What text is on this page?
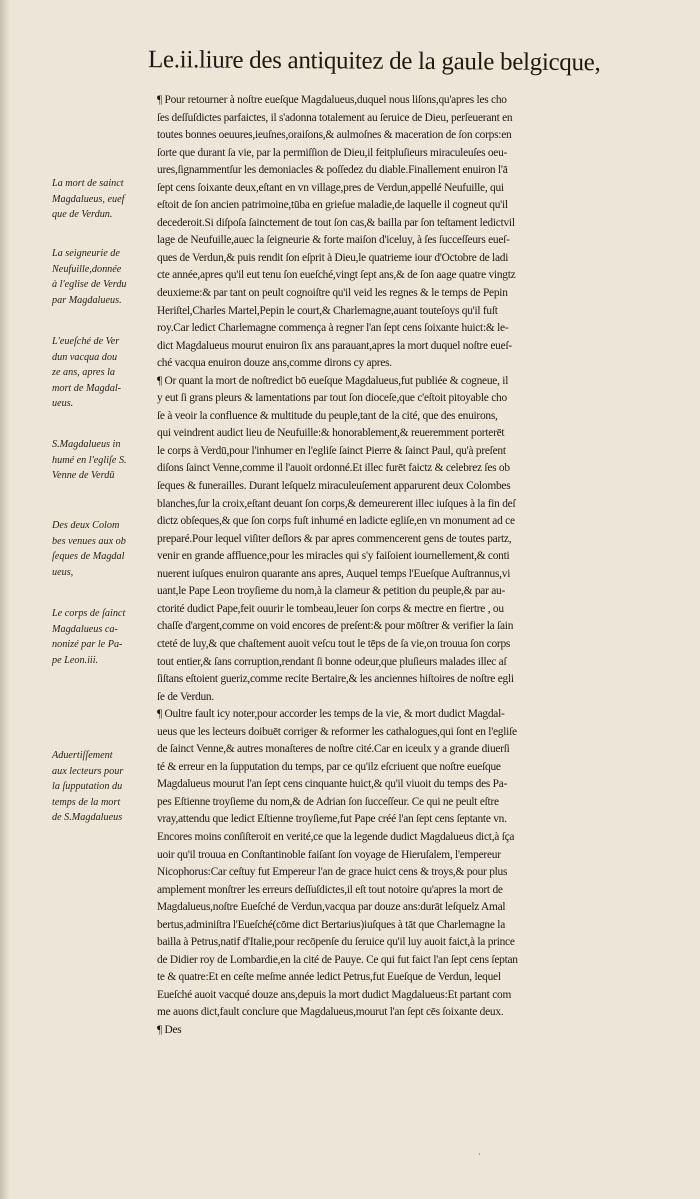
Le.ii.liure des antiquitez de la gaule belgicque,
La mort de sainct
Magdalueus, euef
que de Verdun.
La seigneurie de
Neufuille,donnée
à l'eglise de Verdu
par Magdalueus.
L'eueſché de Ver
dun vacqua dou
ze ans, apres la
mort de Magdal-
ueus.
S.Magdalueus in
humé en l'egliſe S.
Venne de Verdū
Des deux Colom
bes venues aux ob
ſeques de Magdal
ueus,
Le corps de ſainct
Magdalueus ca-
nonizé par le Pa-
pe Leon.iii.
Aduertiſſement
aux lecteurs pour
la ſupputation du
temps de la mort
de S.Magdalueus
¶ Pour retourner à noſtre eueſque Magdalueus,duquel nous liſons,qu'apres les cho
ſes deſſuſdictes parfaictes, il s'adonna totalement au ſeruice de Dieu, perſeuerant en
toutes bonnes oeuures,ieuſnes,oraiſons,& aulmoſnes & maceration de ſon corps:en
ſorte que durant ſa vie, par la permiſſion de Dieu,il feitpluſieurs miraculeuſes oeu-
ures,ſignammentſur les demoniacles & poſſedez du diable.Finallement enuiron l'ā
ſept cens ſoixante deux,eſtant en vn village,pres de Verdun,appellé Neufuille, qui
eſtoit de ſon ancien patrimoine,tūba en grieſue maladie,de laquelle il cogneut qu'il
decederoit.Si diſpoſa ſainctement de tout ſon cas,& bailla par ſon teſtament ledictvil
lage de Neufuille,auec la ſeigneurie & forte maiſon d'iceluy, à ſes ſucceſſeurs eueſ-
ques de Verdun,& puis rendit ſon eſprit à Dieu,le quatrieme iour d'Octobre de ladi
cte année,apres qu'il eut tenu ſon eueſché,vingt ſept ans,& de ſon aage quatre vingtz
deuxieme:& par tant on peult cognoiſtre qu'il veid les regnes & le temps de Pepin
Heriſtel,Charles Martel,Pepin le court,& Charlemagne,auant touteſoys qu'il fuſt
roy.Car ledict Charlemagne commença à regner l'an ſept cens ſoixante huict:& le-
dict Magdalueus mourut enuiron ſix ans parauant,apres la mort duquel noſtre eueſ-
ché vacqua enuiron douze ans,comme dirons cy apres.
¶ Or quant la mort de noſtredict bō eueſque Magdalueus,fut publiée & cogneue, il
y eut ſi grans pleurs & lamentations par tout ſon dioceſe,que c'eſtoit pitoyable cho
ſe à veoir la confluence & multitude du peuple,tant de la cité, que des enuirons,
qui veindrent audict lieu de Neufuille:& honorablement,& reueremment porterēt
le corps à Verdū,pour l'inhumer en l'egliſe ſainct Pierre & ſainct Paul, qu'à preſent
diſons ſainct Venne,comme il l'auoit ordonné.Et illec furēt faictz & celebrez ſes ob
ſeques & funerailles. Durant leſquelz miraculeuſement apparurent deux Colombes
blanches,ſur la croix,eſtant deuant ſon corps,& demeurerent illec iuſques à la fin deſ
dictz obſeques,& que ſon corps fuſt inhumé en ladicte egliſe,en vn monument ad ce
preparé.Pour lequel viſiter deſlors & par apres commencerent gens de toutes partz,
venir en grande affluence,pour les miracles qui s'y faiſoient iournellement,& conti
nuerent iuſques enuiron quarante ans apres, Auquel temps l'Eueſque Auſtrannus,vi
uant,le Pape Leon troyſieme du nom,à la clameur & petition du peuple,& par au-
ctorité dudict Pape,feit ouurir le tombeau,leuer ſon corps & mectre en fiertre , ou
chaſſe d'argent,comme on void encores de preſent:& pour mōſtrer & verifier la ſain
cteté de luy,& que chaſtement auoit veſcu tout le tēps de ſa vie,on trouua ſon corps
tout entier,& ſans corruption,rendant ſi bonne odeur,que pluſieurs malades illec aſ
ſiſtans eſtoient gueriz,comme recite Bertaire,& les anciennes hiſtoires de noſtre egli
ſe de Verdun.
¶ Oultre fault icy noter,pour accorder les temps de la vie, & mort dudict Magdal-
ueus que les lecteurs doibuēt corriger & reformer les cathalogues,qui ſont en l'egliſe
de ſainct Venne,& autres monaſteres de noſtre cité.Car en iceulx y a grande diuerſi
té & erreur en la ſupputation du temps, par ce qu'ilz eſcriuent que noſtre eueſque
Magdalueus mourut l'an ſept cens cinquante huict,& qu'il viuoit du temps des Pa-
pes Eſtienne troyſieme du nom,& de Adrian ſon ſucceſſeur. Ce qui ne peult eſtre
vray,attendu que ledict Eſtienne troyſieme,fut Pape créé l'an ſept cens ſeptante vn.
Encores moins conſiſteroit en verité,ce que la legende dudict Magdalueus dict,à ſça
uoir qu'il trouua en Conſtantinoble faiſant ſon voyage de Hieruſalem, l'empereur
Nicophorus:Car ceſtuy fut Empereur l'an de grace huict cens & troys,& pour plus
amplement monſtrer les erreurs deſſuſdictes,il eſt tout notoire qu'apres la mort de
Magdalueus,noſtre Eueſché de Verdun,vacqua par douze ans:durāt leſquelz Amal
bertus,adminiſtra l'Eueſché(cōme dict Bertarius)iuſques à tāt que Charlemagne la
bailla à Petrus,natif d'Italie,pour recōpenſe du ſeruice qu'il luy auoit faict,à la prince
de Didier roy de Lombardie,en la cité de Pauye. Ce qui fut faict l'an ſept cens ſeptan
te & quatre:Et en ceſte meſme année ledict Petrus,fut Eueſque de Verdun, lequel
Eueſché auoit vacqué douze ans,depuis la mort dudict Magdalueus:Et partant com
me auons dict,fault conclure que Magdalueus,mourut l'an ſept cēs ſoixante deux.
¶ Des
·
